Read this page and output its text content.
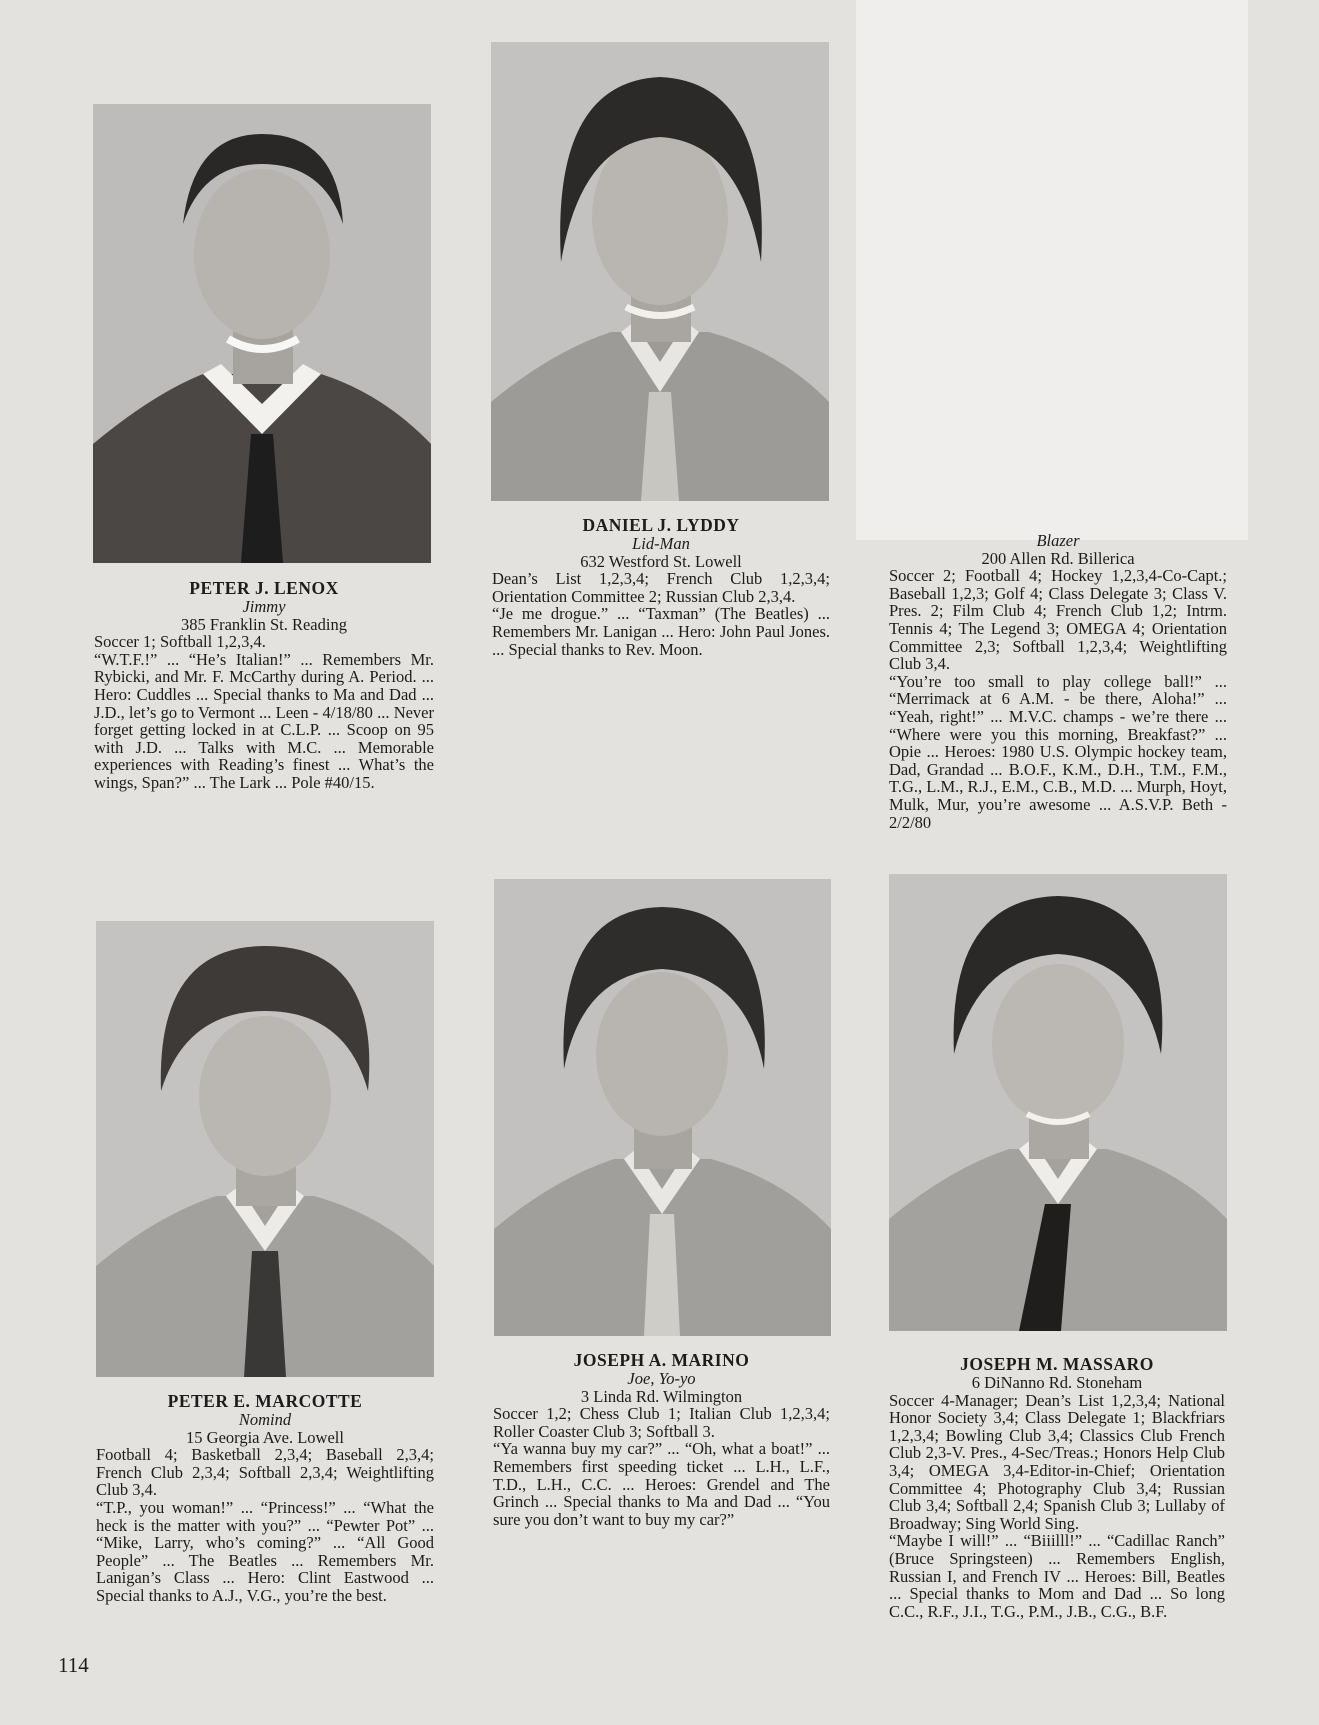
PETER J. LENOX

Jimmy

385 Franklin St. Reading

Soccer 1; Softball 1,2,3,4.

“W.T.F.!” ... “He’s Italian!” ... Remembers Mr. Rybicki, and Mr. F. McCarthy during A. Period. ... Hero: Cuddles ... Special thanks to Ma and Dad ... J.D., let’s go to Vermont ... Leen - 4/18/80 ... Never forget getting locked in at C.L.P. ... Scoop on 95 with J.D. ... Talks with M.C. ... Memorable experiences with Reading’s finest ... What’s the wings, Span?” ... The Lark ... Pole #40/15.

DANIEL J. LYDDY

Lid-Man

632 Westford St. Lowell

Dean’s List 1,2,3,4; French Club 1,2,3,4; Orientation Committee 2; Russian Club 2,3,4.

“Je me drogue.” ... “Taxman” (The Beatles) ... Remembers Mr. Lanigan ... Hero: John Paul Jones. ... Special thanks to Rev. Moon.

Blazer

200 Allen Rd. Billerica

Soccer 2; Football 4; Hockey 1,2,3,4-Co-Capt.; Baseball 1,2,3; Golf 4; Class Delegate 3; Class V. Pres. 2; Film Club 4; French Club 1,2; Intrm. Tennis 4; The Legend 3; OMEGA 4; Orientation Committee 2,3; Softball 1,2,3,4; Weightlifting Club 3,4.

“You’re too small to play college ball!” ... “Merrimack at 6 A.M. - be there, Aloha!” ... “Yeah, right!” ... M.V.C. champs - we’re there ... “Where were you this morning, Breakfast?” ... Opie ... Heroes: 1980 U.S. Olympic hockey team, Dad, Grandad ... B.O.F., K.M., D.H., T.M., F.M., T.G., L.M., R.J., E.M., C.B., M.D. ... Murph, Hoyt, Mulk, Mur, you’re awesome ... A.S.V.P. Beth - 2/2/80

PETER E. MARCOTTE

Nomind

15 Georgia Ave. Lowell

Football 4; Basketball 2,3,4; Baseball 2,3,4; French Club 2,3,4; Softball 2,3,4; Weightlifting Club 3,4.

“T.P., you woman!” ... “Princess!” ... “What the heck is the matter with you?” ... “Pewter Pot” ... “Mike, Larry, who’s coming?” ... “All Good People” ... The Beatles ... Remembers Mr. Lanigan’s Class ... Hero: Clint Eastwood ... Special thanks to A.J., V.G., you’re the best.

JOSEPH A. MARINO

Joe, Yo-yo

3 Linda Rd. Wilmington

Soccer 1,2; Chess Club 1; Italian Club 1,2,3,4; Roller Coaster Club 3; Softball 3.

“Ya wanna buy my car?” ... “Oh, what a boat!” ... Remembers first speeding ticket ... L.H., L.F., T.D., L.H., C.C. ... Heroes: Grendel and The Grinch ... Special thanks to Ma and Dad ... “You sure you don’t want to buy my car?”

JOSEPH M. MASSARO

6 DiNanno Rd. Stoneham

Soccer 4-Manager; Dean’s List 1,2,3,4; National Honor Society 3,4; Class Delegate 1; Blackfriars 1,2,3,4; Bowling Club 3,4; Classics Club French Club 2,3-V. Pres., 4-Sec/Treas.; Honors Help Club 3,4; OMEGA 3,4-Editor-in-Chief; Orientation Committee 4; Photography Club 3,4; Russian Club 3,4; Softball 2,4; Spanish Club 3; Lullaby of Broadway; Sing World Sing.

“Maybe I will!” ... “Biiilll!” ... “Cadillac Ranch” (Bruce Springsteen) ... Remembers English, Russian I, and French IV ... Heroes: Bill, Beatles ... Special thanks to Mom and Dad ... So long C.C., R.F., J.I., T.G., P.M., J.B., C.G., B.F.

114
